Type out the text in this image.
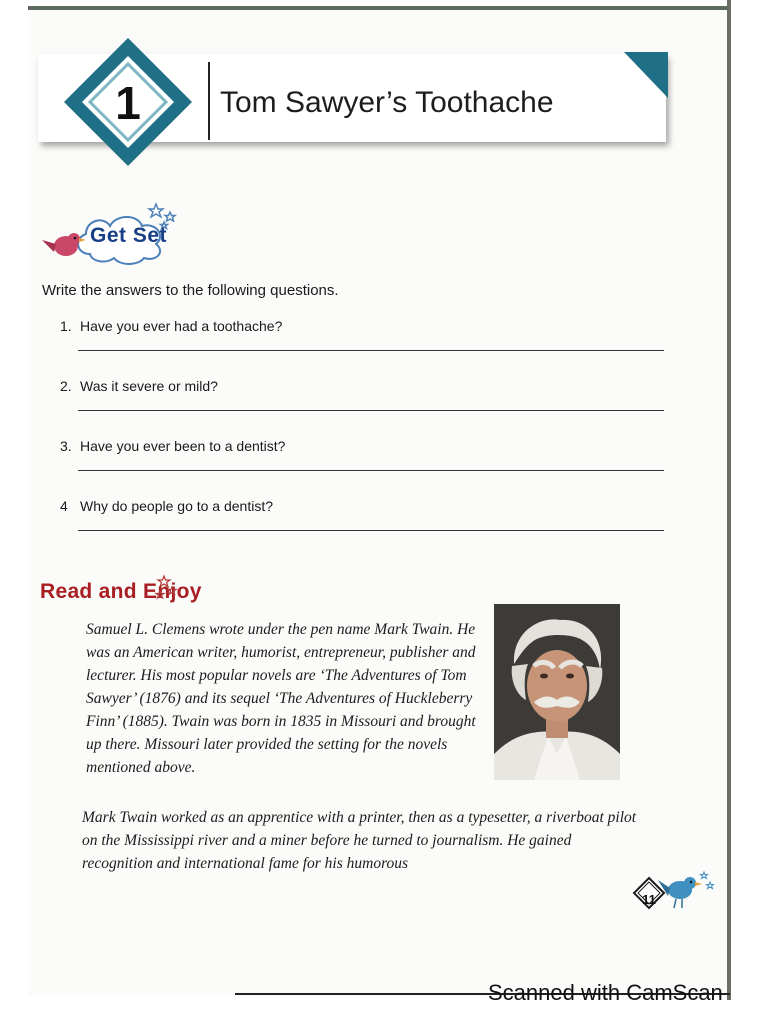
1	Tom Sawyer’s Toothache
Get Set
Write the answers to the following questions.
1. Have you ever had a toothache?
2. Was it severe or mild?
3. Have you ever been to a dentist?
4 Why do people go to a dentist?
Read and Enjoy
Samuel L. Clemens wrote under the pen name Mark Twain. He was an American writer, humorist, entrepreneur, publisher and lecturer. His most popular novels are ‘The Adventures of Tom Sawyer’ (1876) and its sequel ‘The Adventures of Huckleberry Finn’ (1885). Twain was born in 1835 in Missouri and brought up there. Missouri later provided the setting for the novels mentioned above.
Mark Twain worked as an apprentice with a printer, then as a typesetter, a riverboat pilot on the Mississippi river and a miner before he turned to journalism. He gained recognition and international fame for his humorous
11
Scanned with CamScan
